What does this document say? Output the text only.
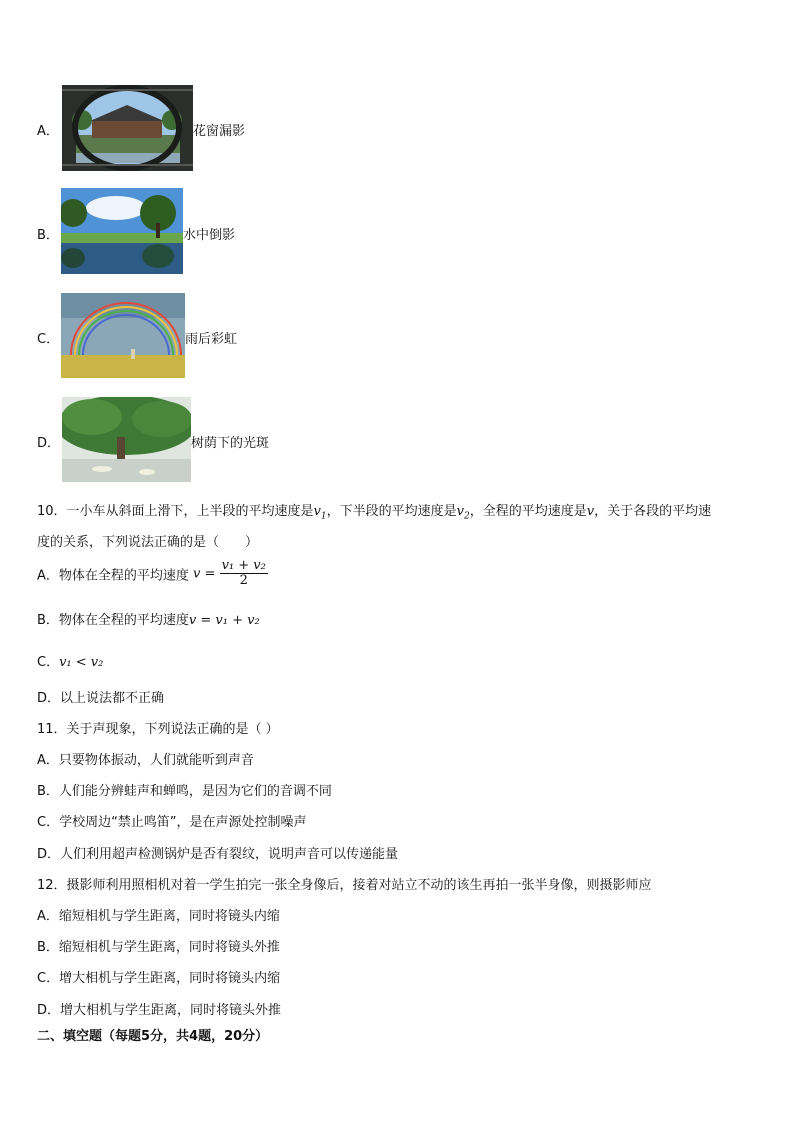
A．	花窗漏影
B．	水中倒影
C．	雨后彩虹
D．	树荫下的光斑
10．一小车从斜面上滑下，上半段的平均速度是$v_1$，下半段的平均速度是$v_2$，全程的平均速度是v，关于各段的平均速
度的关系，下列说法正确的是（　　）
A．物体在全程的平均速度 $v = \frac{\text{v₁ + v₂}}{2}$
B．物体在全程的平均速度v = v₁ + v₂
C．v₁ < v₂
D．以上说法都不正确
11．关于声现象，下列说法正确的是（ ）
A．只要物体振动，人们就能听到声音
B．人们能分辨蛙声和蝉鸣，是因为它们的音调不同
C．学校周边“禁止鸣笛”，是在声源处控制噪声
D．人们利用超声检测锅炉是否有裂纹，说明声音可以传递能量
12．摄影师利用照相机对着一学生拍完一张全身像后，接着对站立不动的该生再拍一张半身像，则摄影师应
A．缩短相机与学生距离，同时将镜头内缩
B．缩短相机与学生距离，同时将镜头外推
C．增大相机与学生距离，同时将镜头内缩
D．增大相机与学生距离，同时将镜头外推
二、填空题（每题5分，共4题，20分）
